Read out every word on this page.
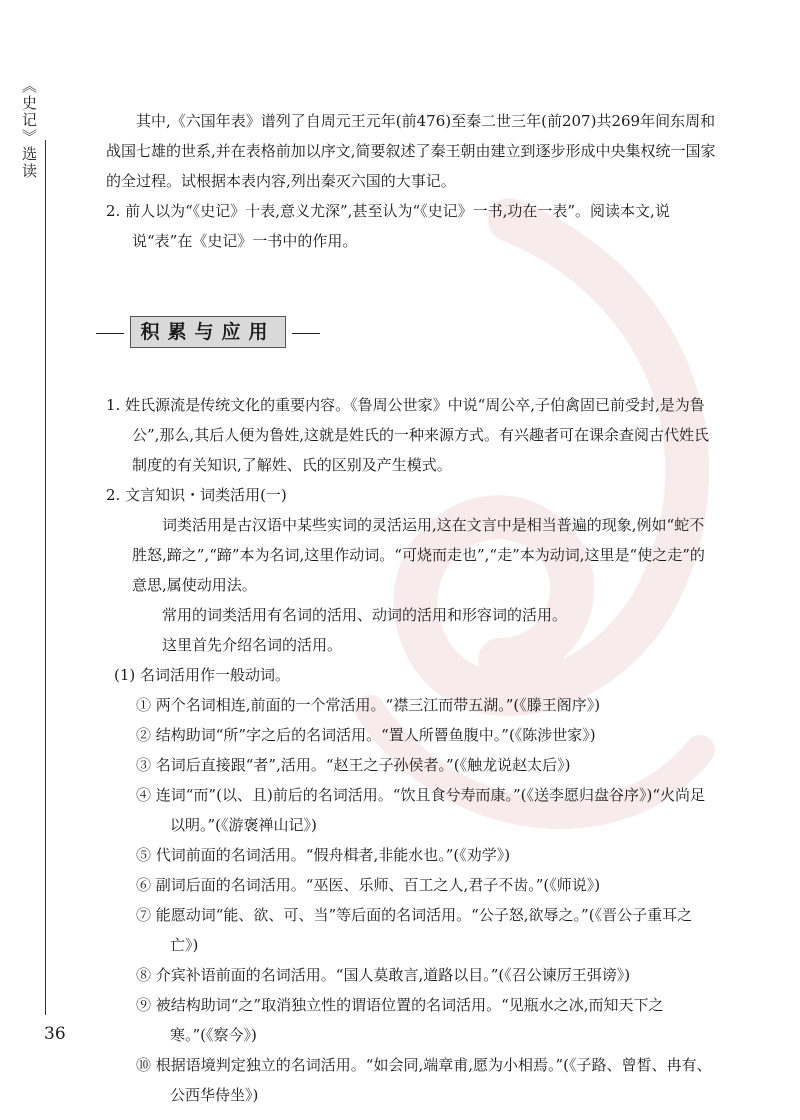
《史记》选读	其中,《六国年表》谱列了自周元王元年(前476)至秦二世三年(前207)共269年间东周和战国七雄的世系,并在表格前加以序文,简要叙述了秦王朝由建立到逐步形成中央集权统一国家的全过程。试根据本表内容,列出秦灭六国的大事记。

2. 前人以为“《史记》十表,意义尤深”,甚至认为“《史记》一书,功在一表”。阅读本文,说说“表”在《史记》一书中的作用。

积累与应用

1. 姓氏源流是传统文化的重要内容。《鲁周公世家》中说“周公卒,子伯禽固已前受封,是为鲁公”,那么,其后人便为鲁姓,这就是姓氏的一种来源方式。有兴趣者可在课余查阅古代姓氏制度的有关知识,了解姓、氏的区别及产生模式。

2. 文言知识・词类活用(一)

词类活用是古汉语中某些实词的灵活运用,这在文言中是相当普遍的现象,例如“蛇不胜怒,蹄之”,“蹄”本为名词,这里作动词。“可烧而走也”,“走”本为动词,这里是“使之走”的意思,属使动用法。

常用的词类活用有名词的活用、动词的活用和形容词的活用。

这里首先介绍名词的活用。

(1) 名词活用作一般动词。

① 两个名词相连,前面的一个常活用。“襟三江而带五湖。”(《滕王阁序》)

② 结构助词“所”字之后的名词活用。“置人所罾鱼腹中。”(《陈涉世家》)

③ 名词后直接跟“者”,活用。“赵王之子孙侯者。”(《触龙说赵太后》)

④ 连词“而”(以、且)前后的名词活用。“饮且食兮寿而康。”(《送李愿归盘谷序》)“火尚足以明。”(《游褒禅山记》)

⑤ 代词前面的名词活用。“假舟楫者,非能水也。”(《劝学》)

⑥ 副词后面的名词活用。“巫医、乐师、百工之人,君子不齿。”(《师说》)

⑦ 能愿动词“能、欲、可、当”等后面的名词活用。“公子怒,欲辱之。”(《晋公子重耳之亡》)

⑧ 介宾补语前面的名词活用。“国人莫敢言,道路以目。”(《召公谏厉王弭谤》)

⑨ 被结构助词“之”取消独立性的谓语位置的名词活用。“见瓶水之冰,而知天下之寒。”(《察今》)

⑩ 根据语境判定独立的名词活用。“如会同,端章甫,愿为小相焉。”(《子路、曾皙、冉有、公西华侍坐》)

36
